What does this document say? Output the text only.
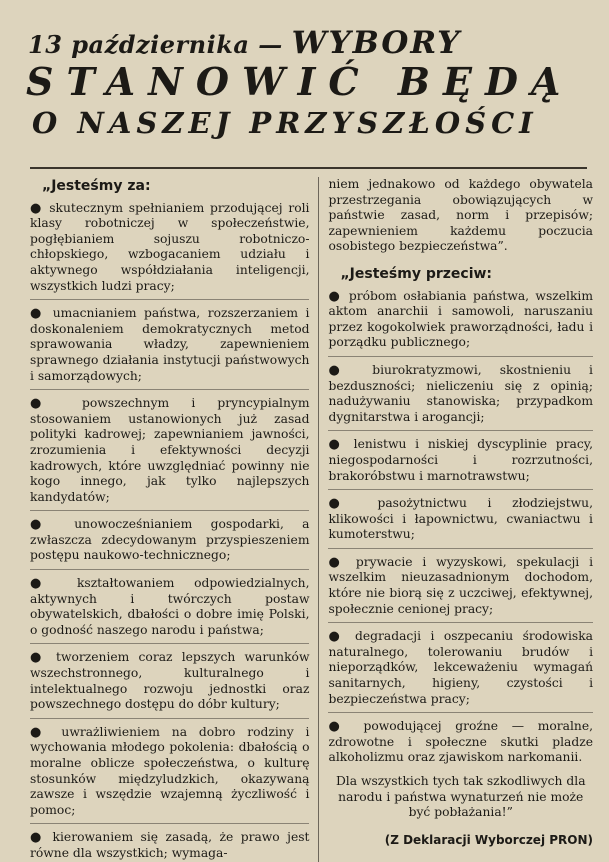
13 października — WYBORY
STANOWIĆ BĘDĄ
O NASZEJ PRZYSZŁOŚCI
„Jesteśmy za:

● skutecznym spełnianiem przodującej roli klasy robotniczej w społeczeństwie, pogłębianiem sojuszu robotniczo-chłopskiego, wzbogacaniem udziału i aktywnego współdziałania inteligencji, wszystkich ludzi pracy;

● umacnianiem państwa, rozszerzaniem i doskonaleniem demokratycznych metod sprawowania władzy, zapewnieniem sprawnego działania instytucji państwowych i samorządowych;

● powszechnym i pryncypialnym stosowaniem ustanowionych już zasad polityki kadrowej; zapewnianiem jawności, zrozumienia i efektywności decyzji kadrowych, które uwzględniać powinny nie kogo innego, jak tylko najlepszych kandydatów;

● unowocześnianiem gospodarki, a zwłaszcza zdecydowanym przyspieszeniem postępu naukowo-technicznego;

● kształtowaniem odpowiedzialnych, aktywnych i twórczych postaw obywatelskich, dbałości o dobre imię Polski, o godność naszego narodu i państwa;

● tworzeniem coraz lepszych warunków wszechstronnego, kulturalnego i intelektualnego rozwoju jednostki oraz powszechnego dostępu do dóbr kultury;

● uwrażliwieniem na dobro rodziny i wychowania młodego pokolenia: dbałością o moralne oblicze społeczeństwa, o kulturę stosunków międzyludzkich, okazywaną zawsze i wszędzie wzajemną życzliwość i pomoc;

● kierowaniem się zasadą, że prawo jest równe dla wszystkich; wymaga-

niem jednakowo od każdego obywatela przestrzegania obowiązujących w państwie zasad, norm i przepisów; zapewnieniem każdemu poczucia osobistego bezpieczeństwa”.

„Jesteśmy przeciw:

● próbom osłabiania państwa, wszelkim aktom anarchii i samowoli, naruszaniu przez kogokolwiek praworządności, ładu i porządku publicznego;

● biurokratyzmowi, skostnieniu i bezduszności; nieliczeniu się z opinią; nadużywaniu stanowiska; przypadkom dygnitarstwa i arogancji;

● lenistwu i niskiej dyscyplinie pracy, niegospodarności i rozrzutności, brakoróbstwu i marnotrawstwu;

● pasożytnictwu i złodziejstwu, klikowości i łapownictwu, cwaniactwu i kumoterstwu;

● prywacie i wyzyskowi, spekulacji i wszelkim nieuzasadnionym dochodom, które nie biorą się z uczciwej, efektywnej, społecznie cenionej pracy;

● degradacji i oszpecaniu środowiska naturalnego, tolerowaniu brudów i nieporządków, lekceważeniu wymagań sanitarnych, higieny, czystości i bezpieczeństwa pracy;

● powodującej groźne — moralne, zdrowotne i społeczne skutki pladze alkoholizmu oraz zjawiskom narkomanii.

Dla wszystkich tych tak szkodliwych dla narodu i państwa wynaturzeń nie może być pobłażania!”

(Z Deklaracji Wyborczej PRON)
